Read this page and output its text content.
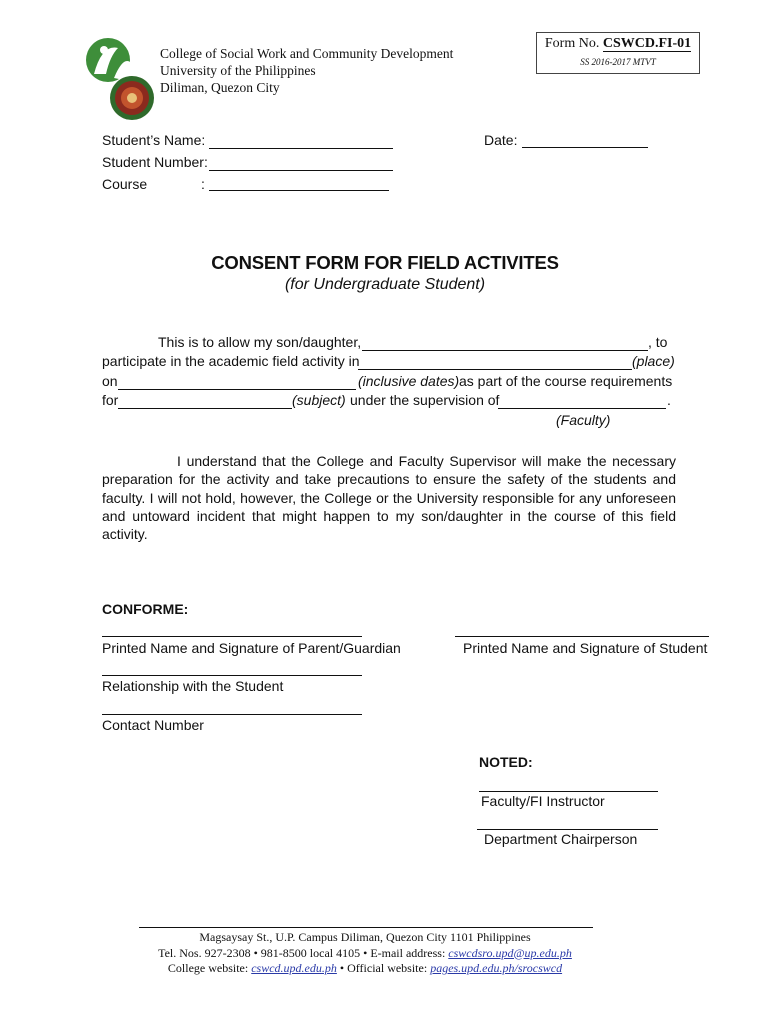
College of Social Work and Community Development
University of the Philippines
Diliman, Quezon City
Form No. CSWCD.FI-01
SS 2016-2017 MTVT
Student’s Name:
Student Number:
Course	:
Date:
CONSENT FORM FOR FIELD ACTIVITES
(for Undergraduate Student)
This is to allow my son/daughter,	, to
participate in the academic field activity in	(place)
on	(inclusive dates) as part of the course requirements
for	(subject) under the supervision of	.
(Faculty)
I understand that the College and Faculty Supervisor will make the necessary preparation for the activity and take precautions to ensure the safety of the students and faculty. I will not hold, however, the College or the University responsible for any unforeseen and untoward incident that might happen to my son/daughter in the course of this field activity.
CONFORME:
Printed Name and Signature of Parent/Guardian	Printed Name and Signature of Student
Relationship with the Student
Contact Number
NOTED:
Faculty/FI Instructor
Department Chairperson
Magsaysay St., U.P. Campus Diliman, Quezon City 1101 Philippines
Tel. Nos. 927-2308 • 981-8500 local 4105 • E-mail address: cswcdsro.upd@up.edu.ph
College website: cswcd.upd.edu.ph • Official website: pages.upd.edu.ph/srocswcd
